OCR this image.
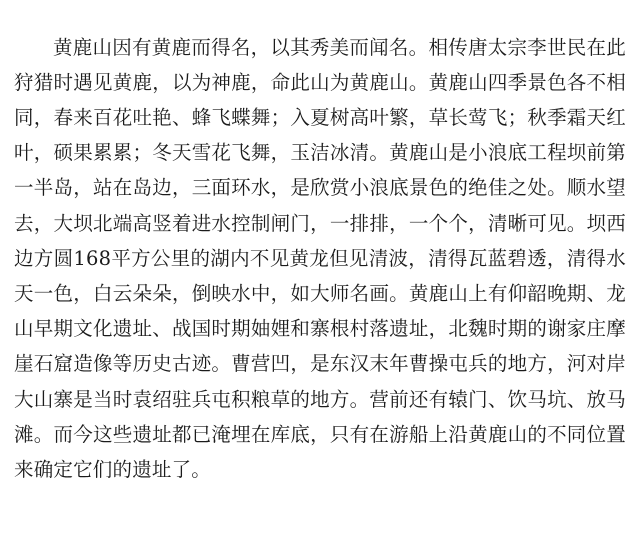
黄鹿山因有黄鹿而得名，以其秀美而闻名。相传唐太宗李世民在此狩猎时遇见黄鹿，以为神鹿，命此山为黄鹿山。黄鹿山四季景色各不相同，春来百花吐艳、蜂飞蝶舞；入夏树高叶繁，草长莺飞；秋季霜天红叶，硕果累累；冬天雪花飞舞，玉洁冰清。黄鹿山是小浪底工程坝前第一半岛，站在岛边，三面环水，是欣赏小浪底景色的绝佳之处。顺水望去，大坝北端高竖着进水控制闸门，一排排，一个个，清晰可见。坝西边方圆168平方公里的湖内不见黄龙但见清波，清得瓦蓝碧透，清得水天一色，白云朵朵，倒映水中，如大师名画。黄鹿山上有仰韶晚期、龙山早期文化遗址、战国时期妯娌和寨根村落遗址，北魏时期的谢家庄摩崖石窟造像等历史古迹。曹营凹，是东汉末年曹操屯兵的地方，河对岸大山寨是当时袁绍驻兵屯积粮草的地方。营前还有辕门、饮马坑、放马滩。而今这些遗址都已淹埋在库底，只有在游船上沿黄鹿山的不同位置来确定它们的遗址了。
